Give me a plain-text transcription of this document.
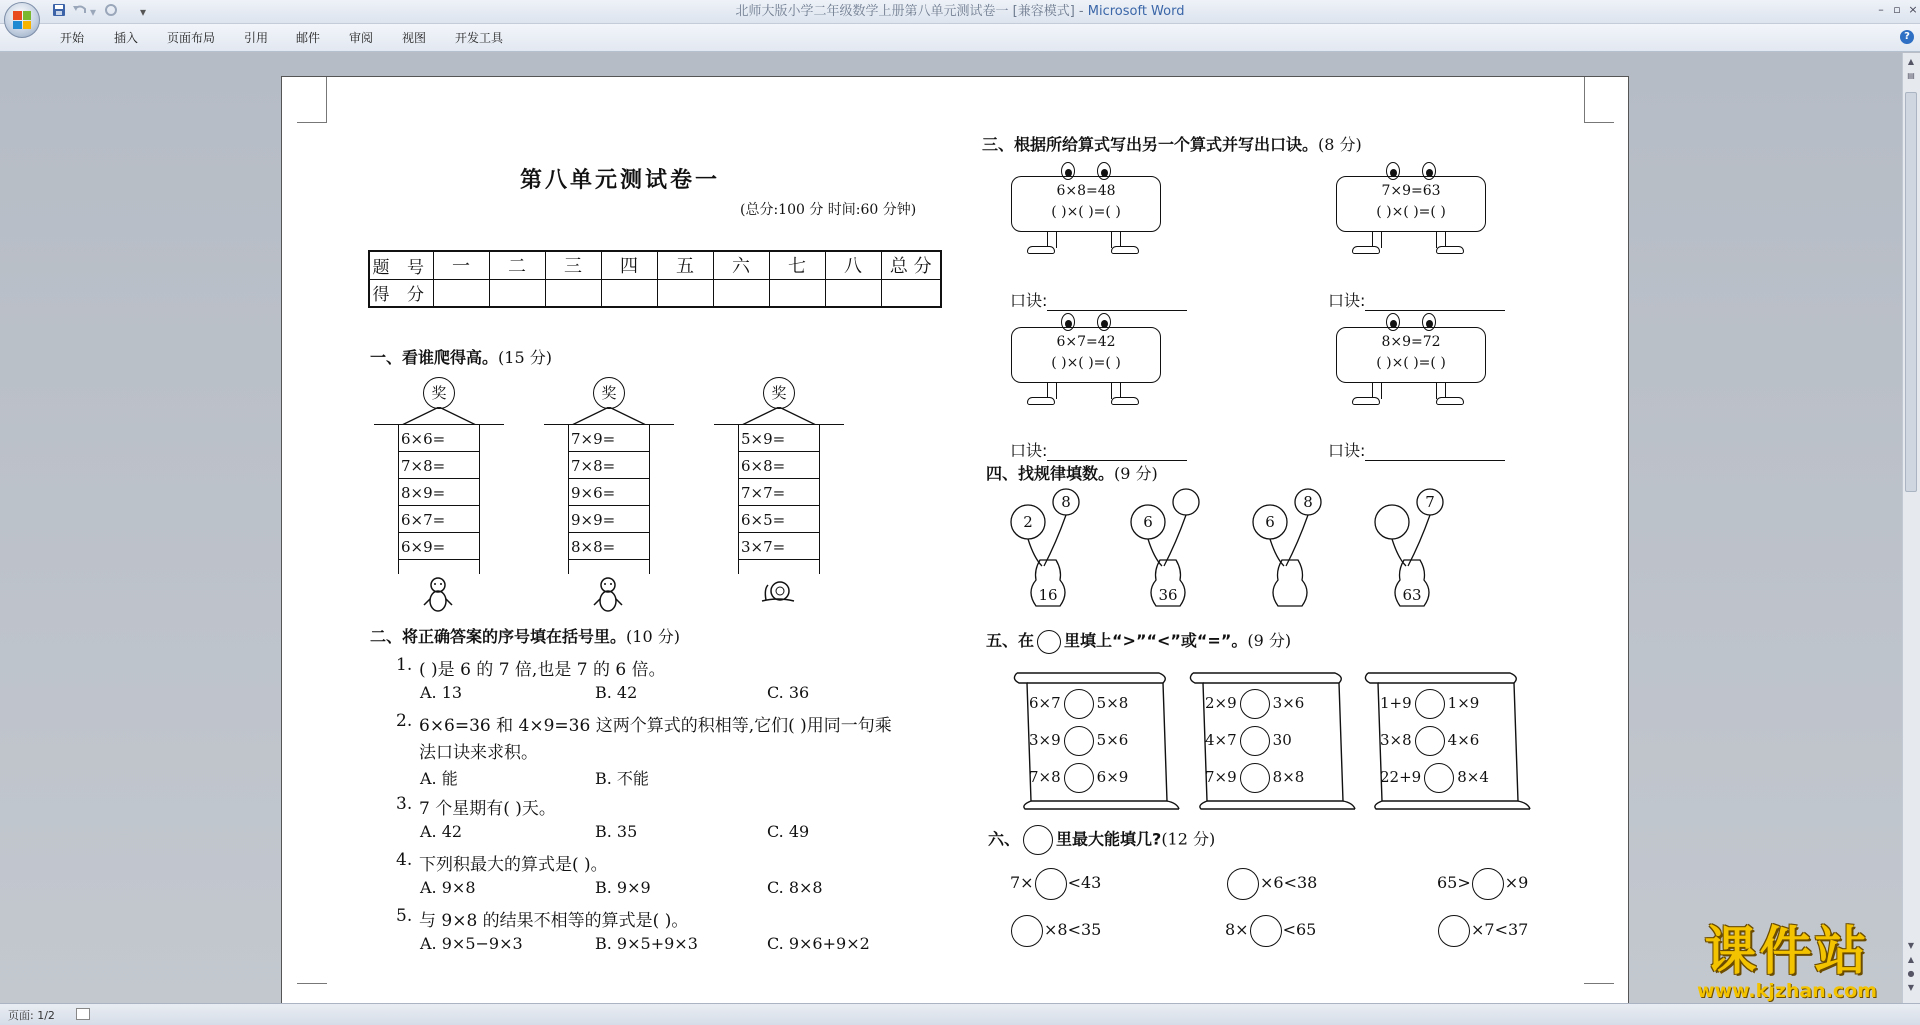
北师大版小学二年级数学上册第八单元测试卷一 [兼容模式] - Microsoft Word
▾	▾	– ▫ ×
开始 插入 页面布局 引用 邮件 审阅 视图 开发工具	?
▲
▤
▼
▲
●
▼
第八单元测试卷一
(总分:100 分 时间:60 分钟)
题 号	一	二	三	四	五	六	七	八	总 分
得 分									
一、看谁爬得高。(15 分)
二、将正确答案的序号填在括号里。(10 分)
三、根据所给算式写出另一个算式并写出口诀。(8 分)
四、找规律填数。(9 分)
五、在 里填上“>”“<”或“=”。(9 分)
六、 里最大能填几?(12 分)
奖
6×6=
7×8=
8×9=
6×7=
6×9=
奖
7×9=
7×8=
9×6=
9×9=
8×8=
奖
5×9=
6×8=
7×7=
6×5=
3×7=
1. ( )是 6 的 7 倍,也是 7 的 6 倍。
A. 13	B. 42	C. 36
2. 6×6=36 和 4×9=36 这两个算式的积相等,它们( )用同一句乘
法口诀来求积。
A. 能	B. 不能
3. 7 个星期有( )天。
A. 42	B. 35	C. 49
4. 下列积最大的算式是( )。
A. 9×8	B. 9×9	C. 8×8
5. 与 9×8 的结果不相等的算式是( )。
A. 9×5−9×3	B. 9×5+9×3	C. 9×6+9×2
6×8=48
( )×( )=( )
7×9=63
( )×( )=( )
6×7=42
( )×( )=( )
8×9=72
( )×( )=( )
口诀:	口诀:
口诀:	口诀:
2
8
16
6
36
6
8	7
63
6×7 5×8
3×9 5×6
7×8 6×9
2×9 3×6
4×7 30
7×9 8×8
1+9 1×9
3×8 4×6
22+9 8×4
7× <43	×6<38	65> ×9
×8<35	8× <65	×7<37	课件站
www.kjzhan.com
页面: 1/2
